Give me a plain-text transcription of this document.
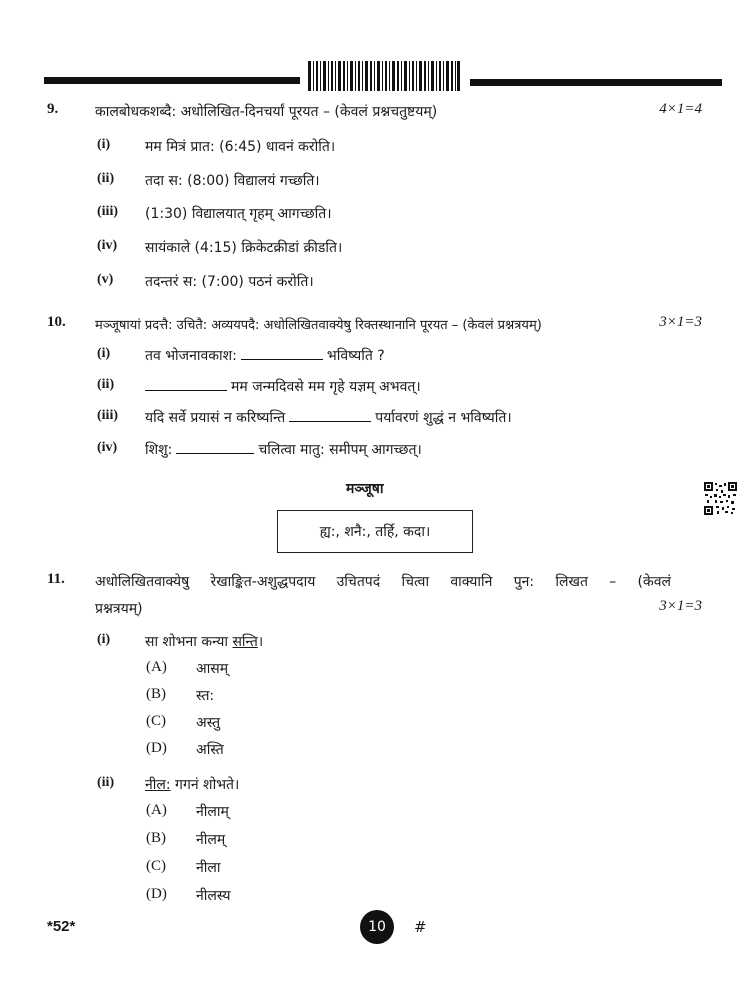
9.	कालबोधकशब्दै: अधोलिखित-दिनचर्यां पूरयत – (केवलं प्रश्नचतुष्टयम्)	4×1=4
(i) मम मित्रं प्रात: (6:45) धावनं करोति।
(ii) तदा स: (8:00) विद्यालयं गच्छति।
(iii) (1:30) विद्यालयात् गृहम् आगच्छति।
(iv) सायंकाले (4:15) क्रिकेटक्रीडां क्रीडति।
(v) तदन्तरं स: (7:00) पठनं करोति।
10. मञ्जूषायां प्रदत्तै: उचितै: अव्ययपदै: अधोलिखितवाक्येषु रिक्तस्थानानि पूरयत – (केवलं प्रश्नत्रयम्)	3×1=3
(i) तव भोजनावकाश:	भविष्यति ?
(ii)	मम जन्मदिवसे मम गृहे यज्ञम् अभवत्।
(iii) यदि सर्वे प्रयासं न करिष्यन्ति	पर्यावरणं शुद्धं न भविष्यति।
(iv) शिशु:	चलित्वा मातु: समीपम् आगच्छत्।
मञ्जूषा
ह्य:, शनै:, तर्हि, कदा।
11. अधोलिखितवाक्येषु रेखाङ्कित-अशुद्धपदाय उचितपदं चित्वा वाक्यानि पुन: लिखत – (केवलं
प्रश्नत्रयम्)	3×1=3
(i) सा शोभना कन्या सन्ति।
(A) आसम्
(B) स्त:
(C) अस्तु
(D) अस्ति
(ii) नील: गगनं शोभते।
(A) नीलाम्
(B) नीलम्
(C) नीला
(D) नीलस्य
*52*	10	#
